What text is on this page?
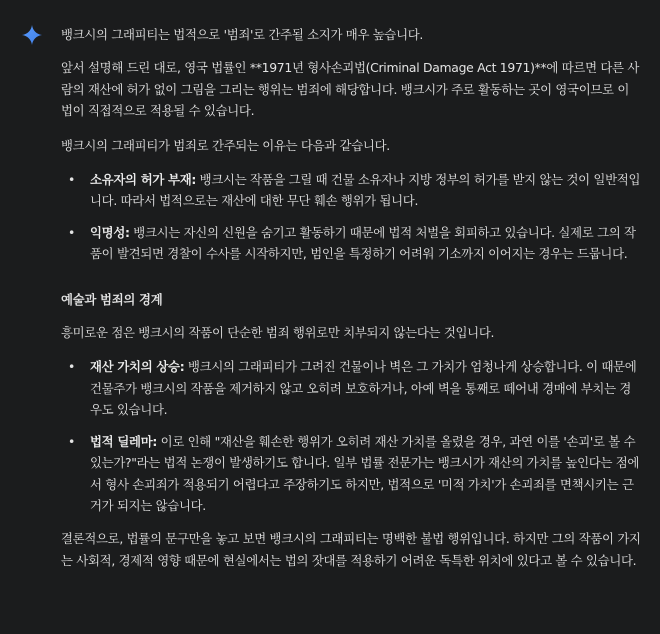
뱅크시의 그래피티는 법적으로 '범죄'로 간주될 소지가 매우 높습니다.

앞서 설명해 드린 대로, 영국 법률인 **1971년 형사손괴법(Criminal Damage Act 1971)**에 따르면 다른 사람의 재산에 허가 없이 그림을 그리는 행위는 범죄에 해당합니다. 뱅크시가 주로 활동하는 곳이 영국이므로 이 법이 직접적으로 적용될 수 있습니다.

뱅크시의 그래피티가 범죄로 간주되는 이유는 다음과 같습니다.

• 소유자의 허가 부재: 뱅크시는 작품을 그릴 때 건물 소유자나 지방 정부의 허가를 받지 않는 것이 일반적입니다. 따라서 법적으로는 재산에 대한 무단 훼손 행위가 됩니다.
• 익명성: 뱅크시는 자신의 신원을 숨기고 활동하기 때문에 법적 처벌을 회피하고 있습니다. 실제로 그의 작품이 발견되면 경찰이 수사를 시작하지만, 범인을 특정하기 어려워 기소까지 이어지는 경우는 드뭅니다.

예술과 범죄의 경계

흥미로운 점은 뱅크시의 작품이 단순한 범죄 행위로만 치부되지 않는다는 것입니다.

• 재산 가치의 상승: 뱅크시의 그래피티가 그려진 건물이나 벽은 그 가치가 엄청나게 상승합니다. 이 때문에 건물주가 뱅크시의 작품을 제거하지 않고 오히려 보호하거나, 아예 벽을 통째로 떼어내 경매에 부치는 경우도 있습니다.
• 법적 딜레마: 이로 인해 "재산을 훼손한 행위가 오히려 재산 가치를 올렸을 경우, 과연 이를 '손괴'로 볼 수 있는가?"라는 법적 논쟁이 발생하기도 합니다. 일부 법률 전문가는 뱅크시가 재산의 가치를 높인다는 점에서 형사 손괴죄가 적용되기 어렵다고 주장하기도 하지만, 법적으로 '미적 가치'가 손괴죄를 면책시키는 근거가 되지는 않습니다.

결론적으로, 법률의 문구만을 놓고 보면 뱅크시의 그래피티는 명백한 불법 행위입니다. 하지만 그의 작품이 가지는 사회적, 경제적 영향 때문에 현실에서는 법의 잣대를 적용하기 어려운 독특한 위치에 있다고 볼 수 있습니다.
